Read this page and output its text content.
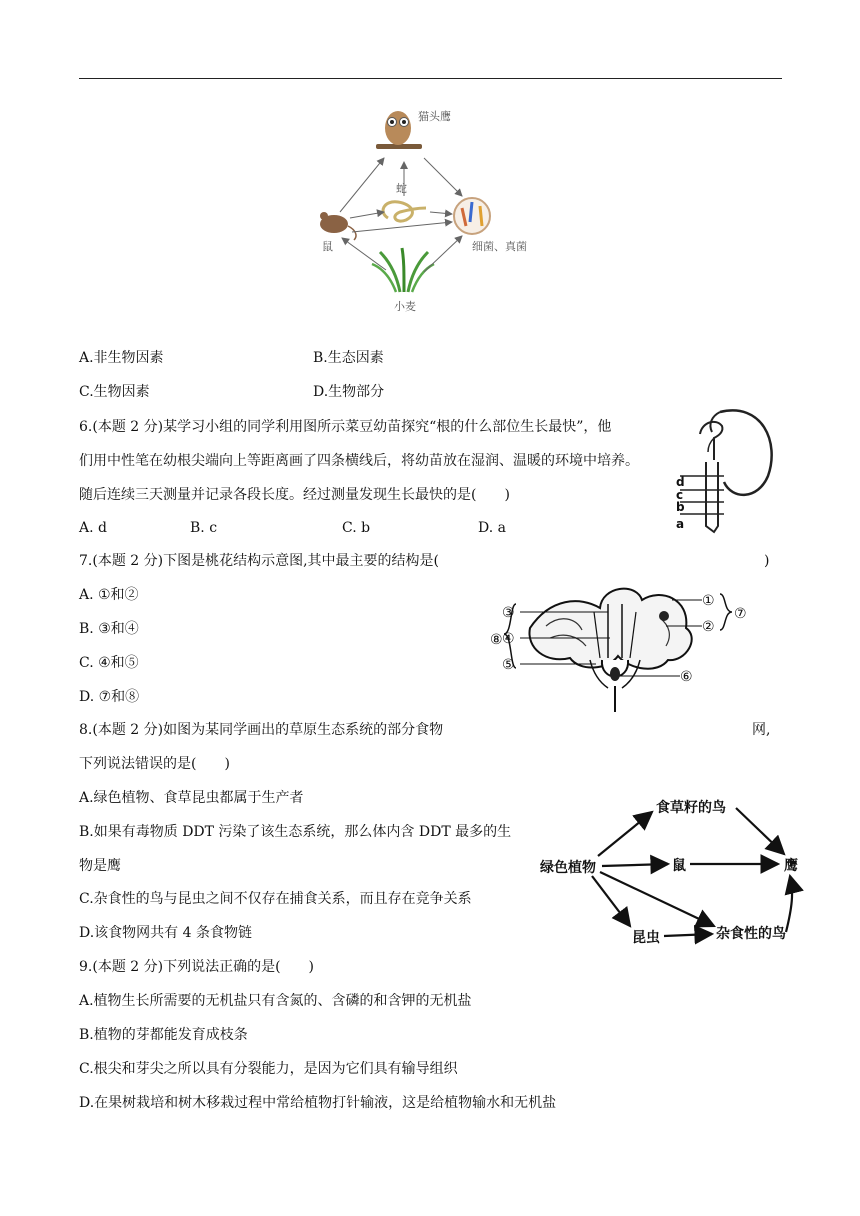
猫头鹰
蛇
鼠	细菌、真菌
小麦
A.非生物因素	B.生态因素
C.生物因素	D.生物部分
6.(本题 2 分)某学习小组的同学利用图所示菜豆幼苗探究“根的什么部位生长最快”，他
们用中性笔在幼根尖端向上等距离画了四条横线后，将幼苗放在湿润、温暖的环境中培养。
随后连续三天测量并记录各段长度。经过测量发现生长最快的是(　　)
A. d	B. c	C. b	D. a
d
c
b
a
7.(本题 2 分)下图是桃花结构示意图,其中最主要的结构是(	)
A. ①和②
B. ③和④
C. ④和⑤
D. ⑦和⑧
③
④
⑤
⑧
①
②
⑦
⑥
8.(本题 2 分)如图为某同学画出的草原生态系统的部分食物	网,
下列说法错误的是(　　)
A.绿色植物、食草昆虫都属于生产者
B.如果有毒物质 DDT 污染了该生态系统，那么体内含 DDT 最多的生
物是鹰
C.杂食性的鸟与昆虫之间不仅存在捕食关系，而且存在竞争关系
D.该食物网共有 4 条食物链
食草籽的鸟
绿色植物	鼠	鹰
昆虫	杂食性的鸟
9.(本题 2 分)下列说法正确的是(　　)
A.植物生长所需要的无机盐只有含氮的、含磷的和含钾的无机盐
B.植物的芽都能发育成枝条
C.根尖和芽尖之所以具有分裂能力，是因为它们具有输导组织
D.在果树栽培和树木移栽过程中常给植物打针输液，这是给植物输水和无机盐
